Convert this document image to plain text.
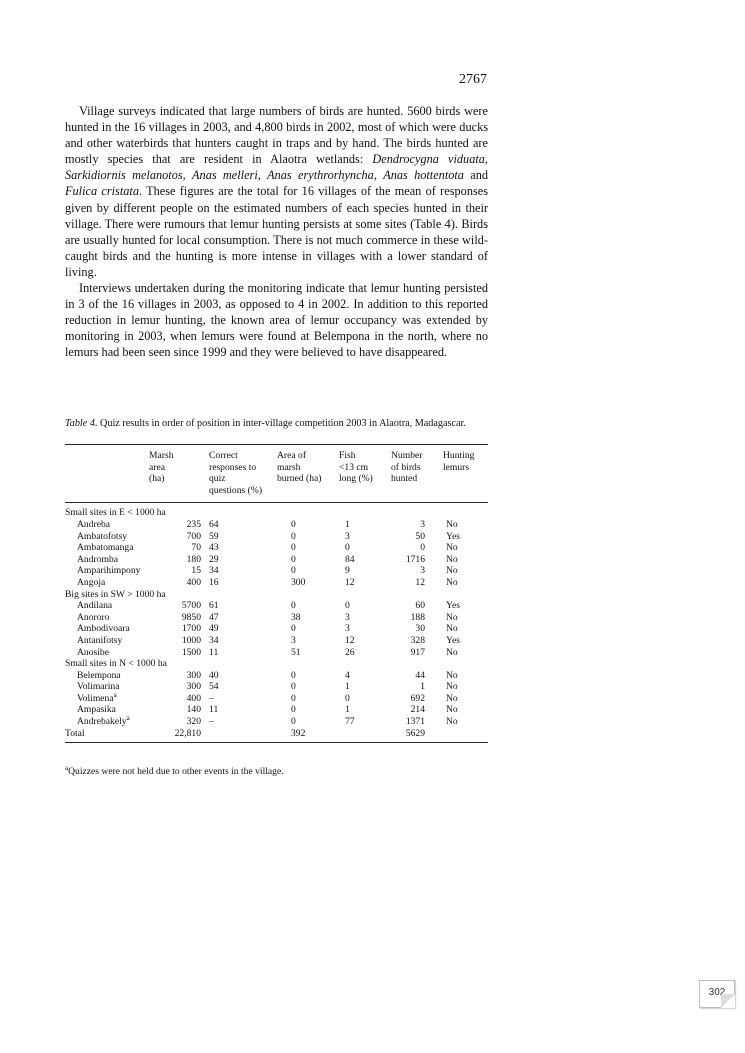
2767

Village surveys indicated that large numbers of birds are hunted. 5600 birds were hunted in the 16 villages in 2003, and 4,800 birds in 2002, most of which were ducks and other waterbirds that hunters caught in traps and by hand. The birds hunted are mostly species that are resident in Alaotra wetlands: Dendrocygna viduata, Sarkidiornis melanotos, Anas melleri, Anas erythrorhyncha, Anas hottentota and Fulica cristata. These figures are the total for 16 villages of the mean of responses given by different people on the estimated numbers of each species hunted in their village. There were rumours that lemur hunting persists at some sites (Table 4). Birds are usually hunted for local consumption. There is not much commerce in these wild-caught birds and the hunting is more intense in villages with a lower standard of living.

Interviews undertaken during the monitoring indicate that lemur hunting persisted in 3 of the 16 villages in 2003, as opposed to 4 in 2002. In addition to this reported reduction in lemur hunting, the known area of lemur occupancy was extended by monitoring in 2003, when lemurs were found at Belempona in the north, where no lemurs had been seen since 1999 and they were believed to have disappeared.

Table 4. Quiz results in order of position in inter-village competition 2003 in Alaotra, Madagascar.
	Marsh
area
(ha)	Correct
responses to
quiz
questions (%)	Area of
marsh
burned (ha)	Fish
<13 cm
long (%)	Number
of birds
hunted	Hunting
lemurs
Small sites in E < 1000 ha						
Andreba	235	64	0	1	3	No
Ambatofotsy	700	59	0	3	50	Yes
Ambatomanga	70	43	0	0	0	No
Andromba	180	29	0	84	1716	No
Amparihimpony	15	34	0	9	3	No
Angoja	400	16	300	12	12	No
Big sites in SW > 1000 ha						
Andilana	5700	61	0	0	60	Yes
Anororo	9850	47	38	3	188	No
Ambodivoara	1700	49	0	3	30	No
Antanifotsy	1000	34	3	12	328	Yes
Anosibe	1500	11	51	26	917	No
Small sites in N < 1000 ha						
Belempona	300	40	0	4	44	No
Volimarina	300	54	0	1	1	No
Volimena$^a$	400	–	0	0	692	No
Ampasika	140	11	0	1	214	No
Andrebakely$^a$	320	–	0	77	1371	No
Total	22,810		392		5629	
$^a$Quizzes were not held due to other events in the village.
302
